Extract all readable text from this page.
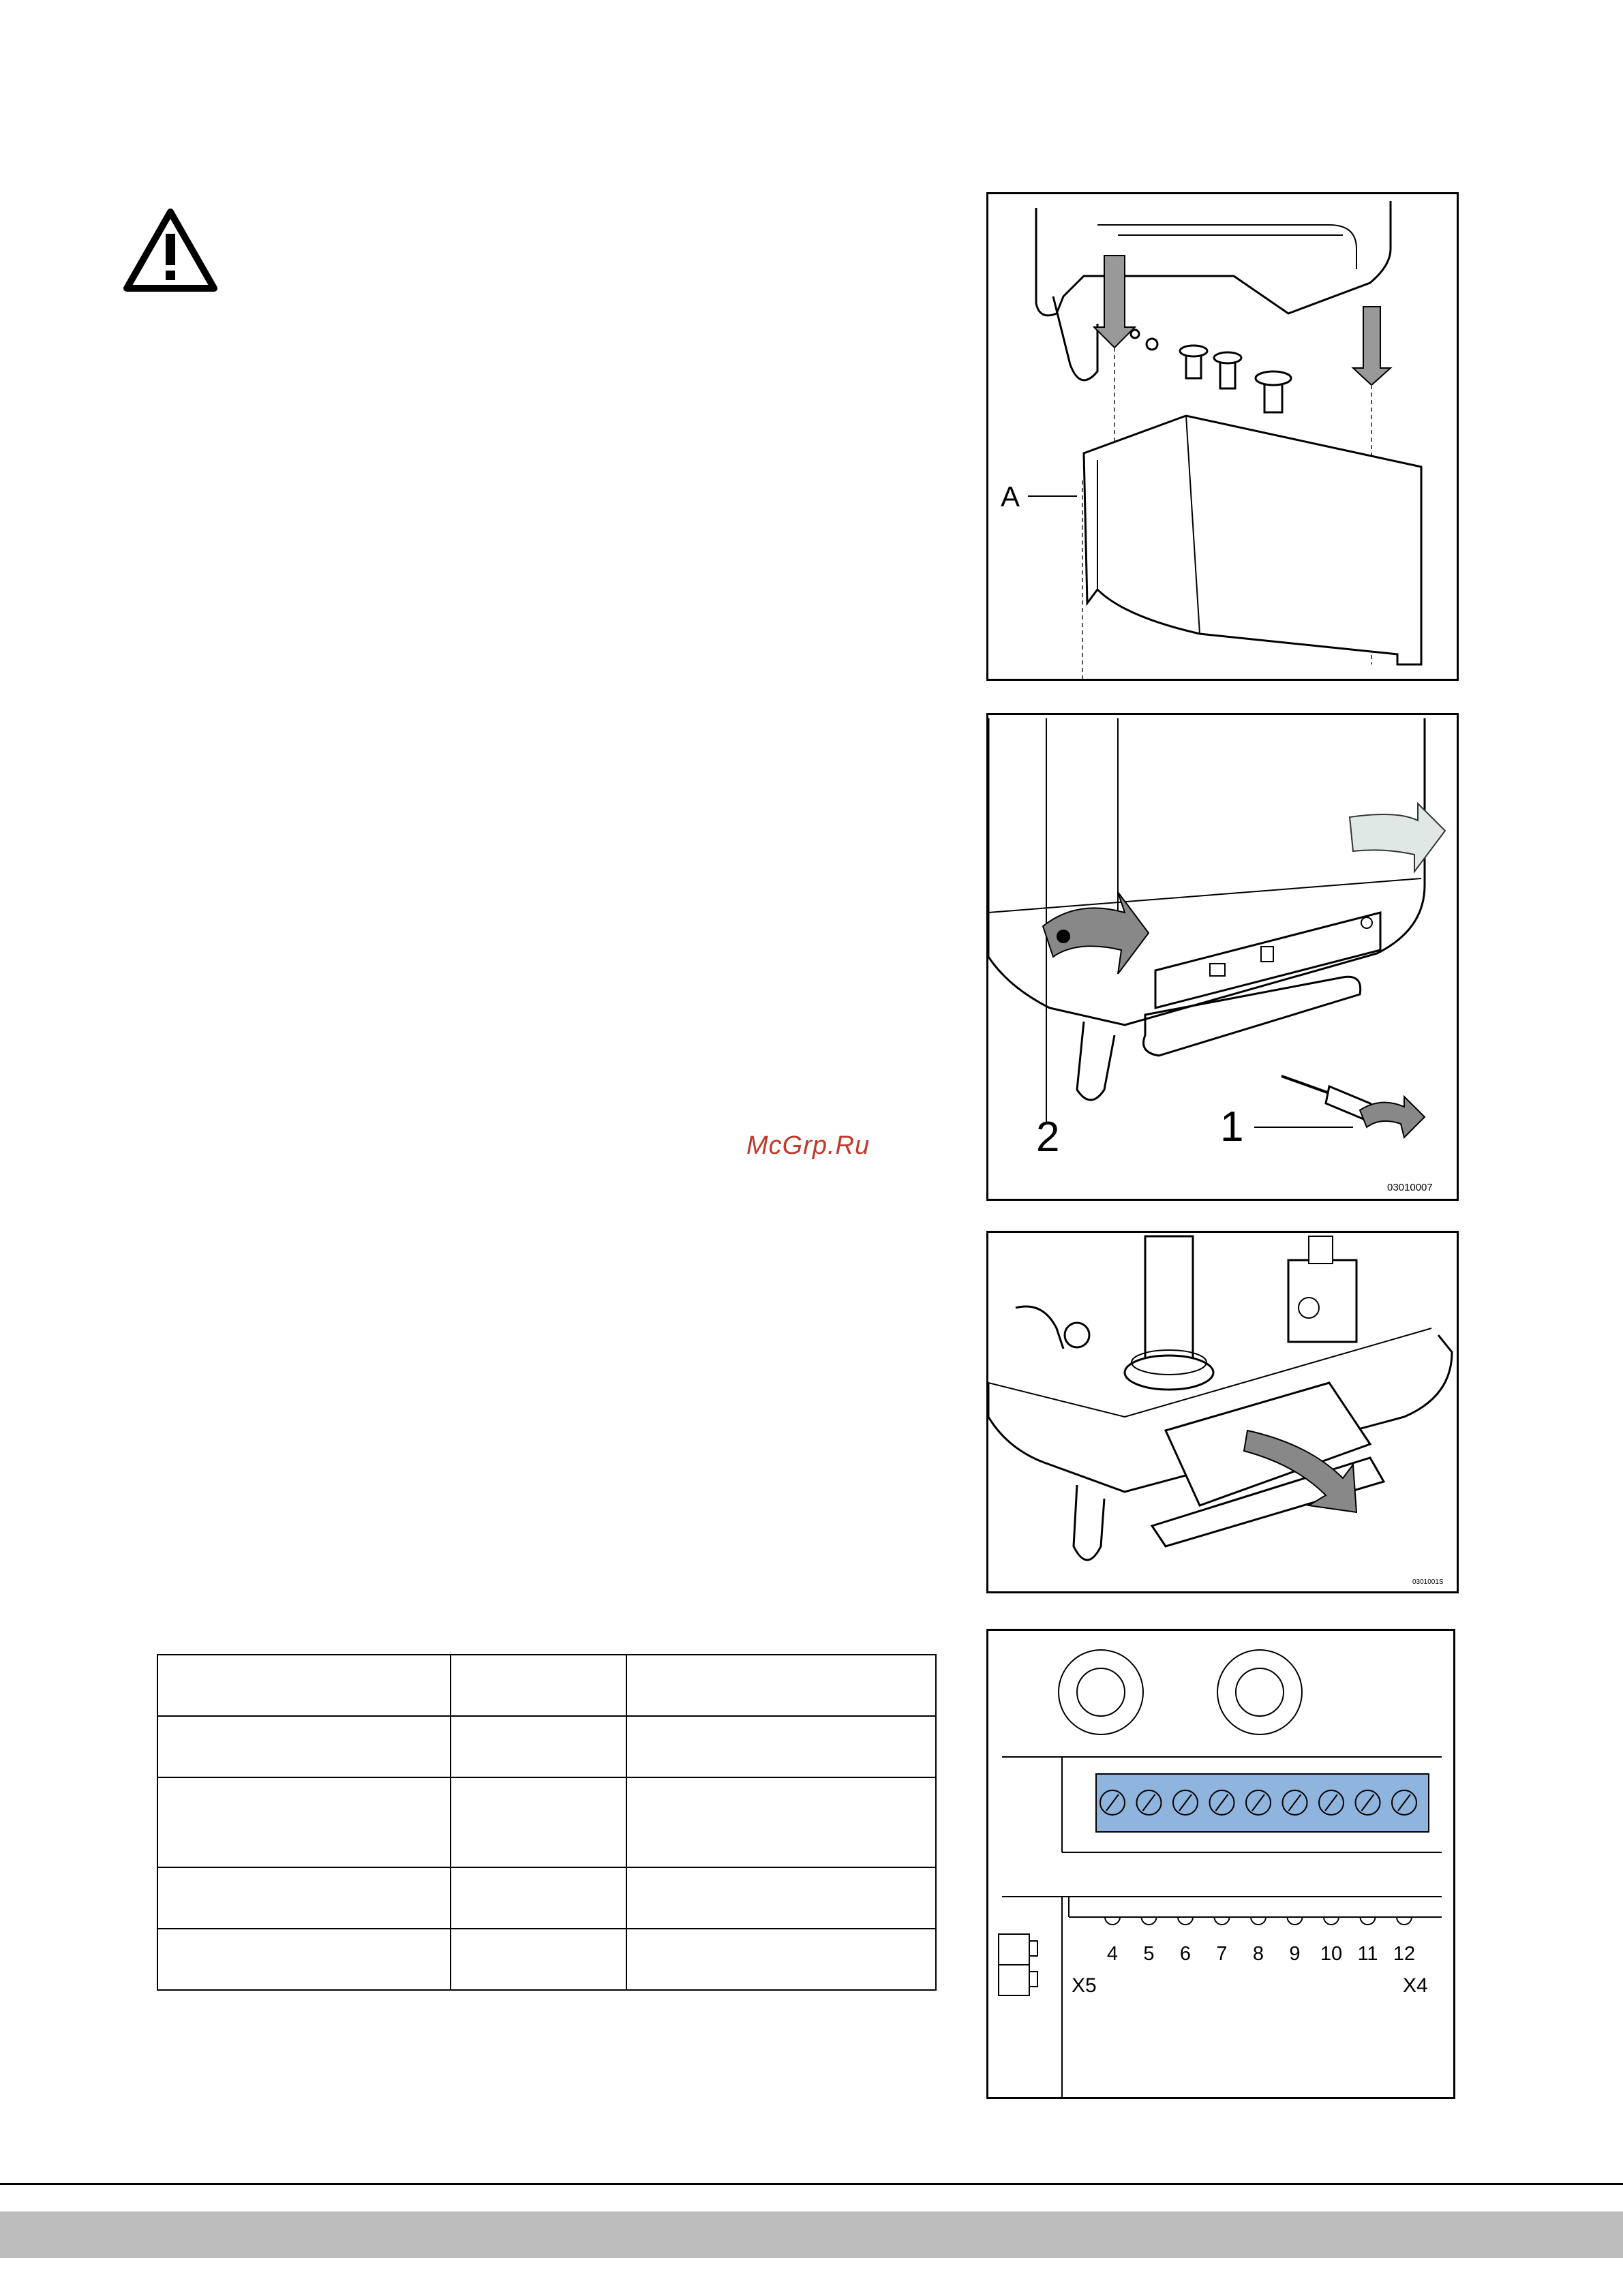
A
1
2
03010007
0301001S
4 5 6 7 8 9 10 11 12
X5	X4
McGrp.Ru
